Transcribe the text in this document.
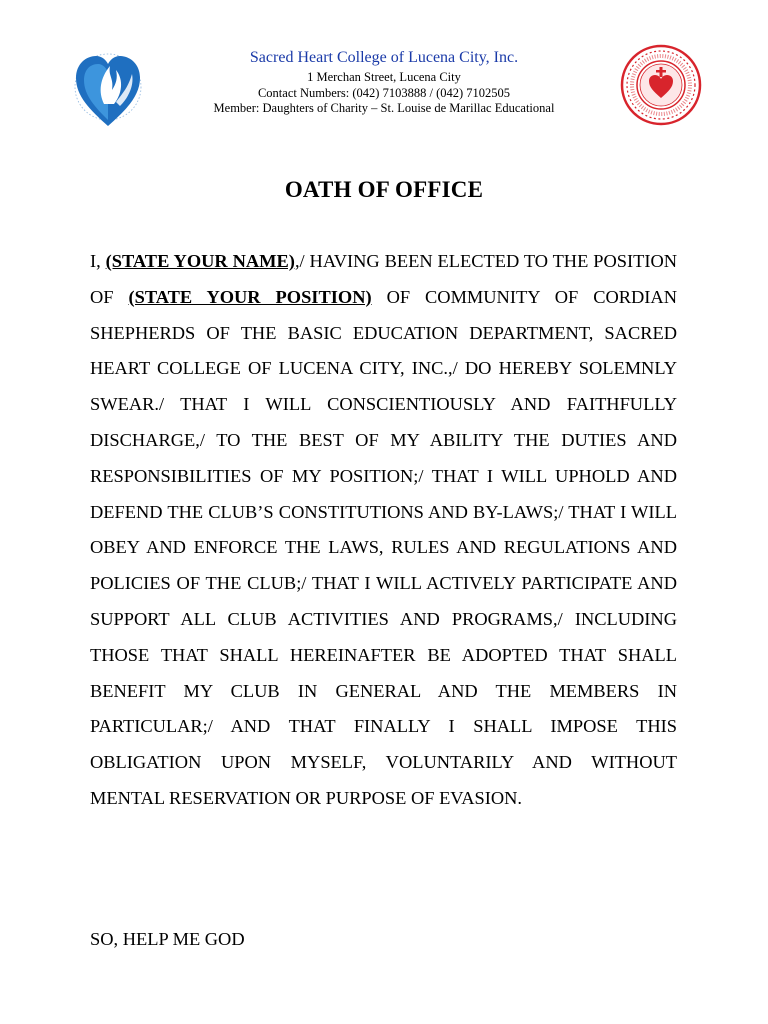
Sacred Heart College of Lucena City, Inc.
1 Merchan Street, Lucena City
Contact Numbers: (042) 7103888 / (042) 7102505
Member: Daughters of Charity – St. Louise de Marillac Educational
OATH OF OFFICE

I, (STATE YOUR NAME),/ HAVING BEEN ELECTED TO THE POSITION OF (STATE YOUR POSITION) OF COMMUNITY OF CORDIAN SHEPHERDS OF THE BASIC EDUCATION DEPARTMENT, SACRED HEART COLLEGE OF LUCENA CITY, INC.,/ DO HEREBY SOLEMNLY SWEAR./ THAT I WILL CONSCIENTIOUSLY AND FAITHFULLY DISCHARGE,/ TO THE BEST OF MY ABILITY THE DUTIES AND RESPONSIBILITIES OF MY POSITION;/ THAT I WILL UPHOLD AND DEFEND THE CLUB’S CONSTITUTIONS AND BY-LAWS;/ THAT I WILL OBEY AND ENFORCE THE LAWS, RULES AND REGULATIONS AND POLICIES OF THE CLUB;/ THAT I WILL ACTIVELY PARTICIPATE AND SUPPORT ALL CLUB ACTIVITIES AND PROGRAMS,/ INCLUDING THOSE THAT SHALL HEREINAFTER BE ADOPTED THAT SHALL BENEFIT MY CLUB IN GENERAL AND THE MEMBERS IN PARTICULAR;/ AND THAT FINALLY I SHALL IMPOSE THIS OBLIGATION UPON MYSELF, VOLUNTARILY AND WITHOUT MENTAL RESERVATION OR PURPOSE OF EVASION.

SO, HELP ME GOD
